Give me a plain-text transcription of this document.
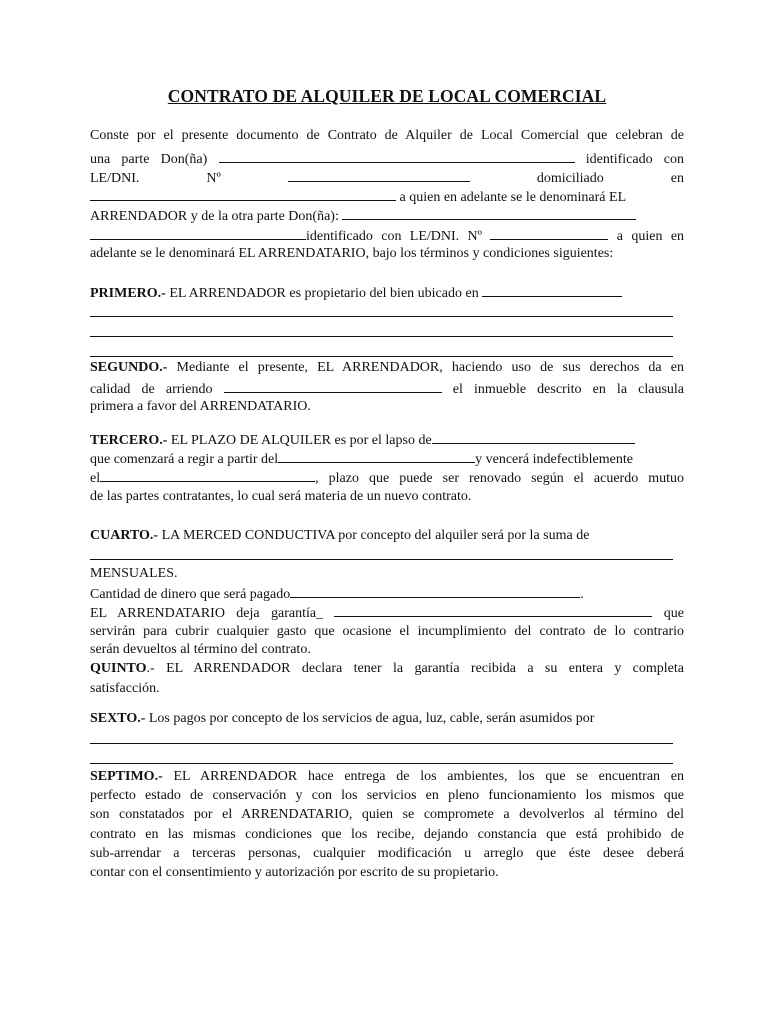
CONTRATO DE ALQUILER DE LOCAL COMERCIAL
Conste por el presente documento de Contrato de Alquiler de Local Comercial que celebran de
una parte Don(ña)	identificado con
LE/DNI.	Nº	domiciliado	en
a quien en adelante se le denominará EL
ARRENDADOR y de la otra parte Don(ña):
identificado con LE/DNI. Nº	a quien en
adelante se le denominará EL ARRENDATARIO, bajo los términos y condiciones siguientes:
PRIMERO.- EL ARRENDADOR es propietario del bien ubicado en
SEGUNDO.- Mediante el presente, EL ARRENDADOR, haciendo uso de sus derechos da en
calidad de arriendo	el inmueble descrito en la clausula
primera a favor del ARRENDATARIO.
TERCERO.- EL PLAZO DE ALQUILER es por el lapso de
que comenzará a regir a partir del	y vencerá indefectiblemente
el	, plazo que puede ser renovado según el acuerdo mutuo
de las partes contratantes, lo cual será materia de un nuevo contrato.
CUARTO.- LA MERCED CONDUCTIVA por concepto del alquiler será por la suma de
MENSUALES.
Cantidad de dinero que será pagado	.
EL ARRENDATARIO deja garantía_	que
servirán para cubrir cualquier gasto que ocasione el incumplimiento del contrato de lo contrario
serán devueltos al término del contrato.
QUINTO.- EL ARRENDADOR declara tener la garantía recibida a su entera y completa
satisfacción.
SEXTO.- Los pagos por concepto de los servicios de agua, luz, cable, serán asumidos por
SEPTIMO.- EL ARRENDADOR hace entrega de los ambientes, los que se encuentran en
perfecto estado de conservación y con los servicios en pleno funcionamiento los mismos que
son constatados por el ARRENDATARIO, quien se compromete a devolverlos al término del
contrato en las mismas condiciones que los recibe, dejando constancia que está prohibido de
sub-arrendar a terceras personas, cualquier modificación u arreglo que éste desee deberá
contar con el consentimiento y autorización por escrito de su propietario.
